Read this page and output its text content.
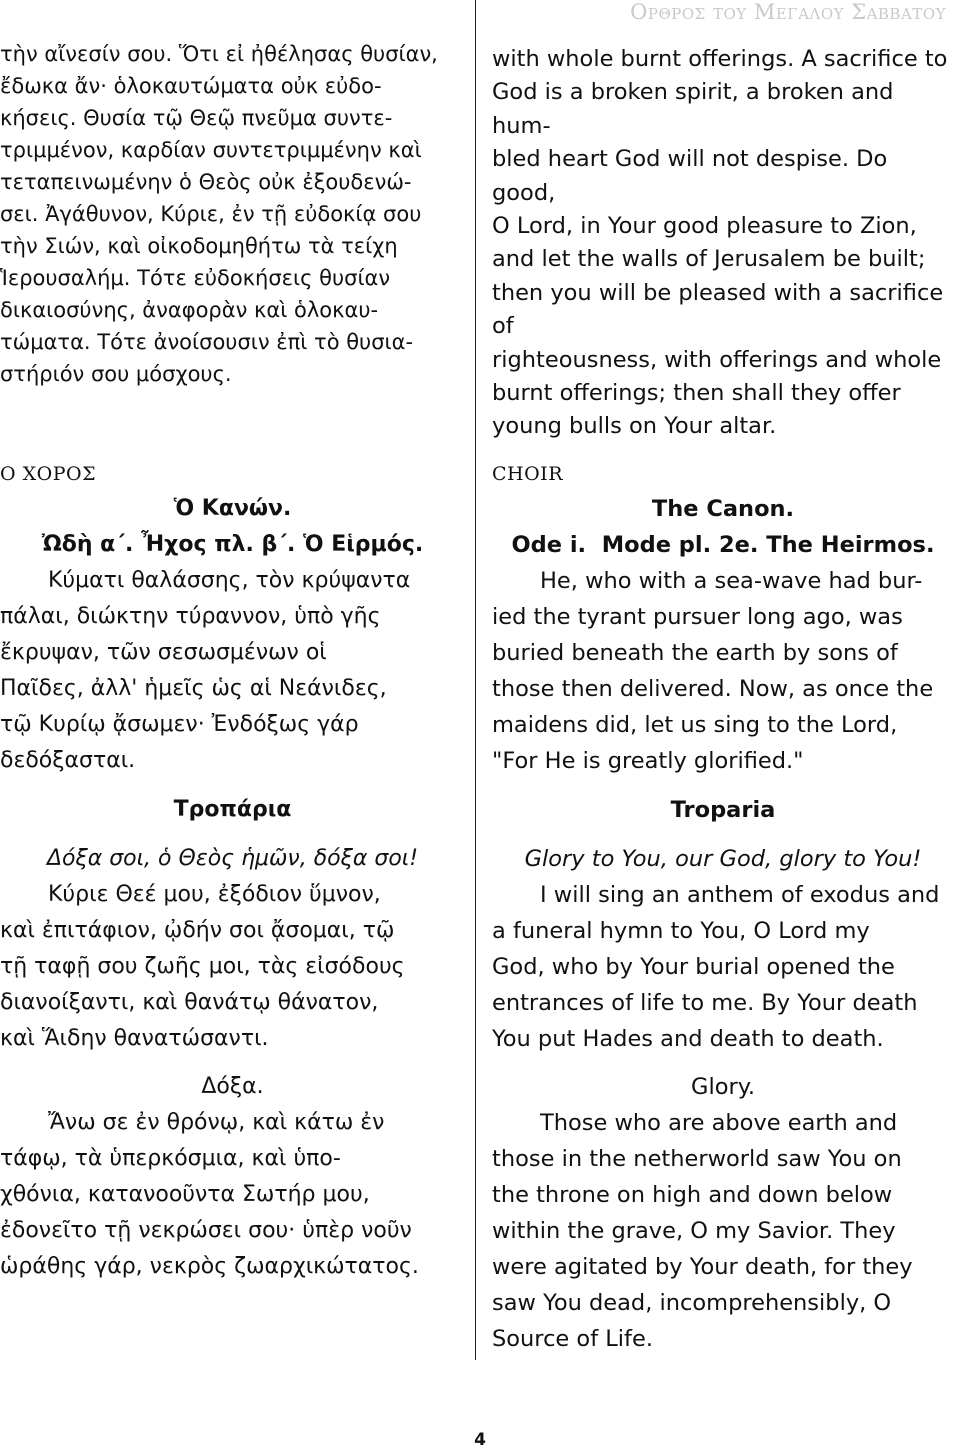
Ορθρος του Μεγαλου Σαββατου
τὴν αἴνεσίν σου. Ὅτι εἰ ἠθέλησας θυσίαν,
ἔδωκα ἄν· ὁλοκαυτώματα οὐκ εὐδο-
κήσεις. Θυσία τῷ Θεῷ πνεῦμα συντε-
τριμμένον, καρδίαν συντετριμμένην καὶ
τεταπεινωμένην ὁ Θεὸς οὐκ ἐξουδενώ-
σει. Ἀγάθυνον, Κύριε, ἐν τῇ εὐδοκίᾳ σου
τὴν Σιών, καὶ οἰκοδομηθήτω τὰ τείχη
Ἱερουσαλήμ. Τότε εὐδοκήσεις θυσίαν
δικαιοσύνης, ἀναφορὰν καὶ ὁλοκαυ-
τώματα. Τότε ἀνοίσουσιν ἐπὶ τὸ θυσια-
στήριόν σου μόσχους.
with whole burnt offerings. A sacrifice to
God is a broken spirit, a broken and hum-
bled heart God will not despise. Do good,
O Lord, in Your good pleasure to Zion,
and let the walls of Jerusalem be built;
then you will be pleased with a sacrifice of
righteousness, with offerings and whole
burnt offerings; then shall they offer
young bulls on Your altar.
Ο ΧΟΡΟΣ	CHOIR

Ὁ Κανών.

Ὠδὴ α΄. Ἦχος πλ. β΄. Ὁ Εἱρμός.

Κύματι θαλάσσης, τὸν κρύψαντα
πάλαι, διώκτην τύραννον, ὑπὸ γῆς
ἔκρυψαν, τῶν σεσωσμένων οἱ
Παῖδες, ἀλλ' ἡμεῖς ὡς αἱ Νεάνιδες,
τῷ Κυρίῳ ᾄσωμεν· Ἐνδόξως γάρ
δεδόξασται.

Τροπάρια

Δόξα σοι, ὁ Θεὸς ἡμῶν, δόξα σοι!

Κύριε Θεέ μου, ἐξόδιον ὕμνον,
καὶ ἐπιτάφιον, ᾠδήν σοι ᾄσομαι, τῷ
τῇ ταφῇ σου ζωῆς μοι, τὰς εἰσόδους
διανοίξαντι, καὶ θανάτῳ θάνατον,
καὶ Ἅιδην θανατώσαντι.

Δόξα.

Ἄνω σε ἐν θρόνῳ, καὶ κάτω ἐν
τάφῳ, τὰ ὑπερκόσμια, καὶ ὑπο-
χθόνια, κατανοοῦντα Σωτήρ μου,
ἐδονεῖτο τῇ νεκρώσει σου· ὑπὲρ νοῦν
ὡράθης γάρ, νεκρὸς ζωαρχικώτατος.

The Canon.

Ode i.  Mode pl. 2e. The Heirmos.

He, who with a sea-wave had bur-
ied the tyrant pursuer long ago, was
buried beneath the earth by sons of
those then delivered. Now, as once the
maidens did, let us sing to the Lord,
"For He is greatly glorified."

Troparia

Glory to You, our God, glory to You!

I will sing an anthem of exodus and
a funeral hymn to You, O Lord my
God, who by Your burial opened the
entrances of life to me. By Your death
You put Hades and death to death.

Glory.

Those who are above earth and
those in the netherworld saw You on
the throne on high and down below
within the grave, O my Savior. They
were agitated by Your death, for they
saw You dead, incomprehensibly, O
Source of Life.
4
